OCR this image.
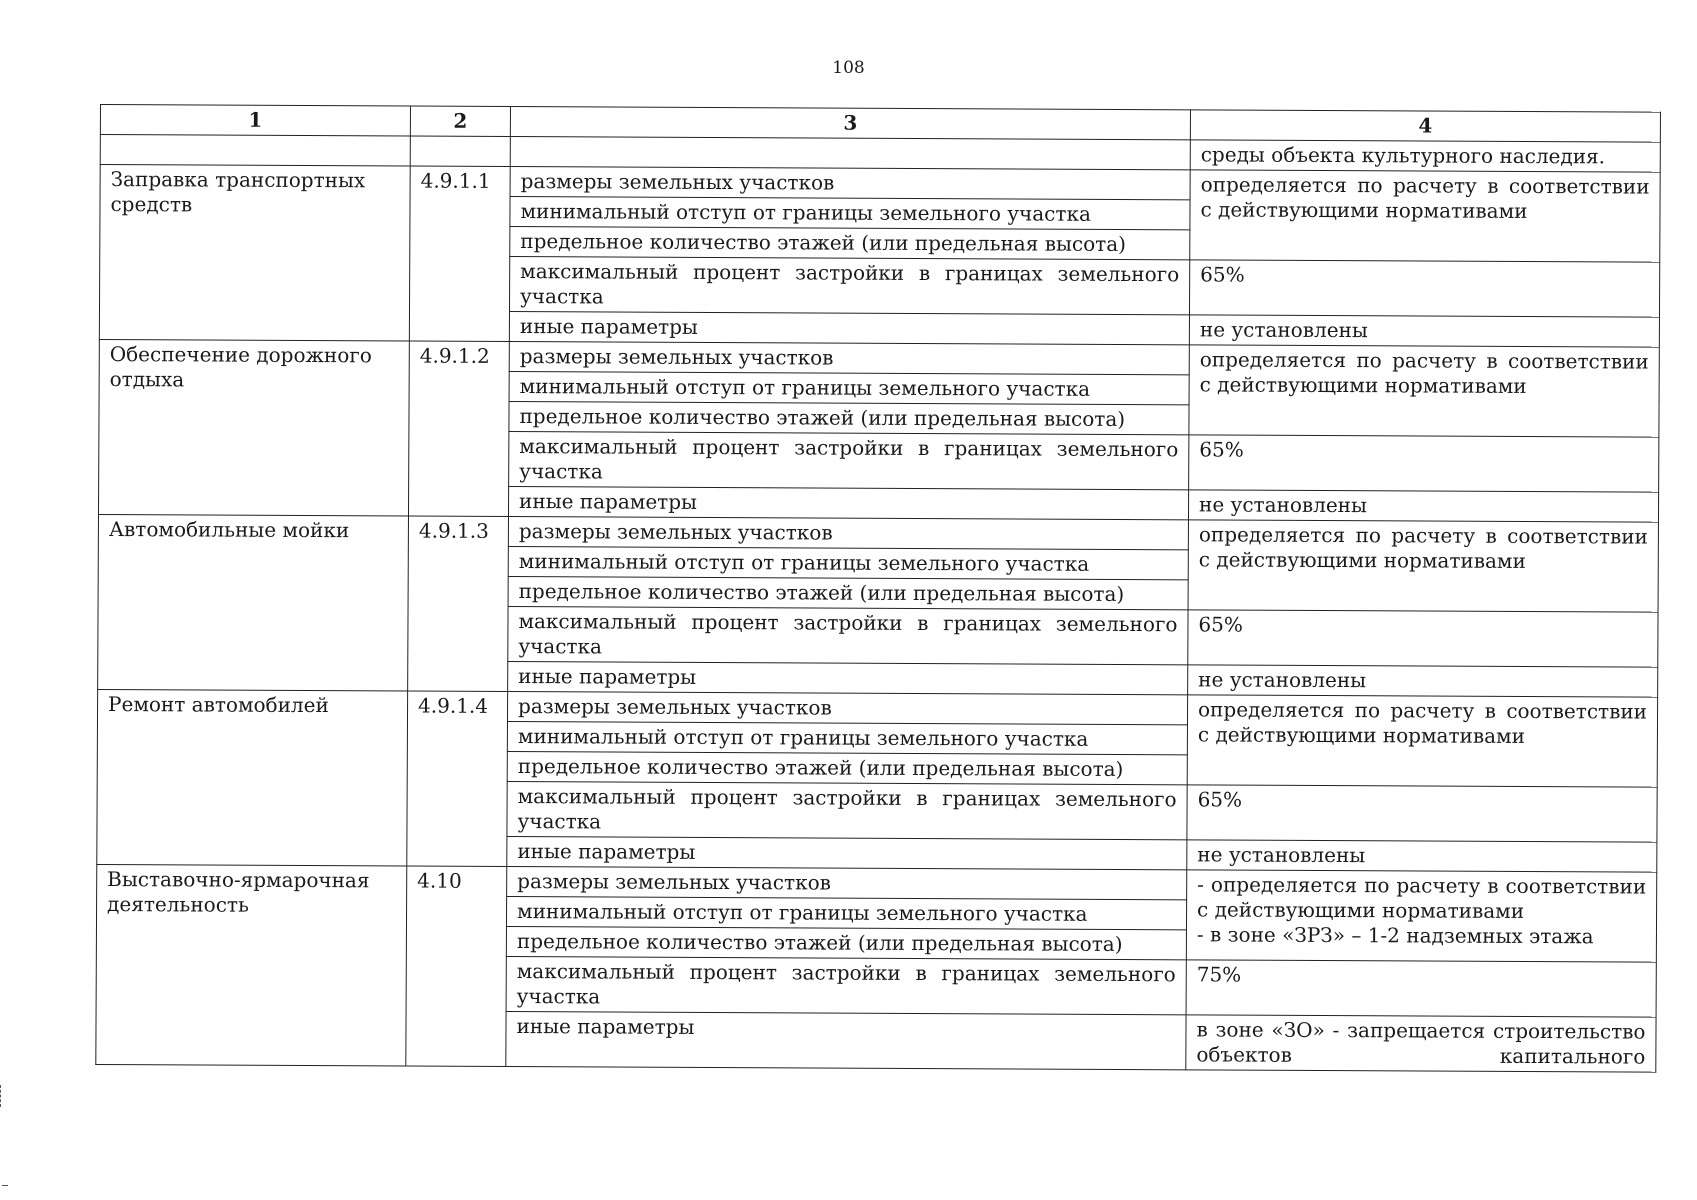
108
1	2	3	4
			среды объекта культурного наследия.
Заправка транспортных средств	4.9.1.1	размеры земельных участков	определяется по расчету в соответствии с действующими нормативами
		минимальный отступ от границы земельного участка	
		предельное количество этажей (или предельная высота)	
		максимальный процент застройки в границах земельного участка	65%
		иные параметры	не установлены
Обеспечение дорожного отдыха	4.9.1.2	размеры земельных участков	определяется по расчету в соответствии с действующими нормативами
		минимальный отступ от границы земельного участка	
		предельное количество этажей (или предельная высота)	
		максимальный процент застройки в границах земельного участка	65%
		иные параметры	не установлены
Автомобильные мойки	4.9.1.3	размеры земельных участков	определяется по расчету в соответствии с действующими нормативами
		минимальный отступ от границы земельного участка	
		предельное количество этажей (или предельная высота)	
		максимальный процент застройки в границах земельного участка	65%
		иные параметры	не установлены
Ремонт автомобилей	4.9.1.4	размеры земельных участков	определяется по расчету в соответствии с действующими нормативами
		минимальный отступ от границы земельного участка	
		предельное количество этажей (или предельная высота)	
		максимальный процент застройки в границах земельного участка	65%
		иные параметры	не установлены
Выставочно-ярмарочная деятельность	4.10	размеры земельных участков	- определяется по расчету в соответствии с действующими нормативами
- в зоне «ЗРЗ» – 1-2 надземных этажа

		минимальный отступ от границы земельного участка	
		предельное количество этажей (или предельная высота)	
		максимальный процент застройки в границах земельного участка	75%
		иные параметры	в зоне «ЗО» - запрещается строительство объектов капитального
